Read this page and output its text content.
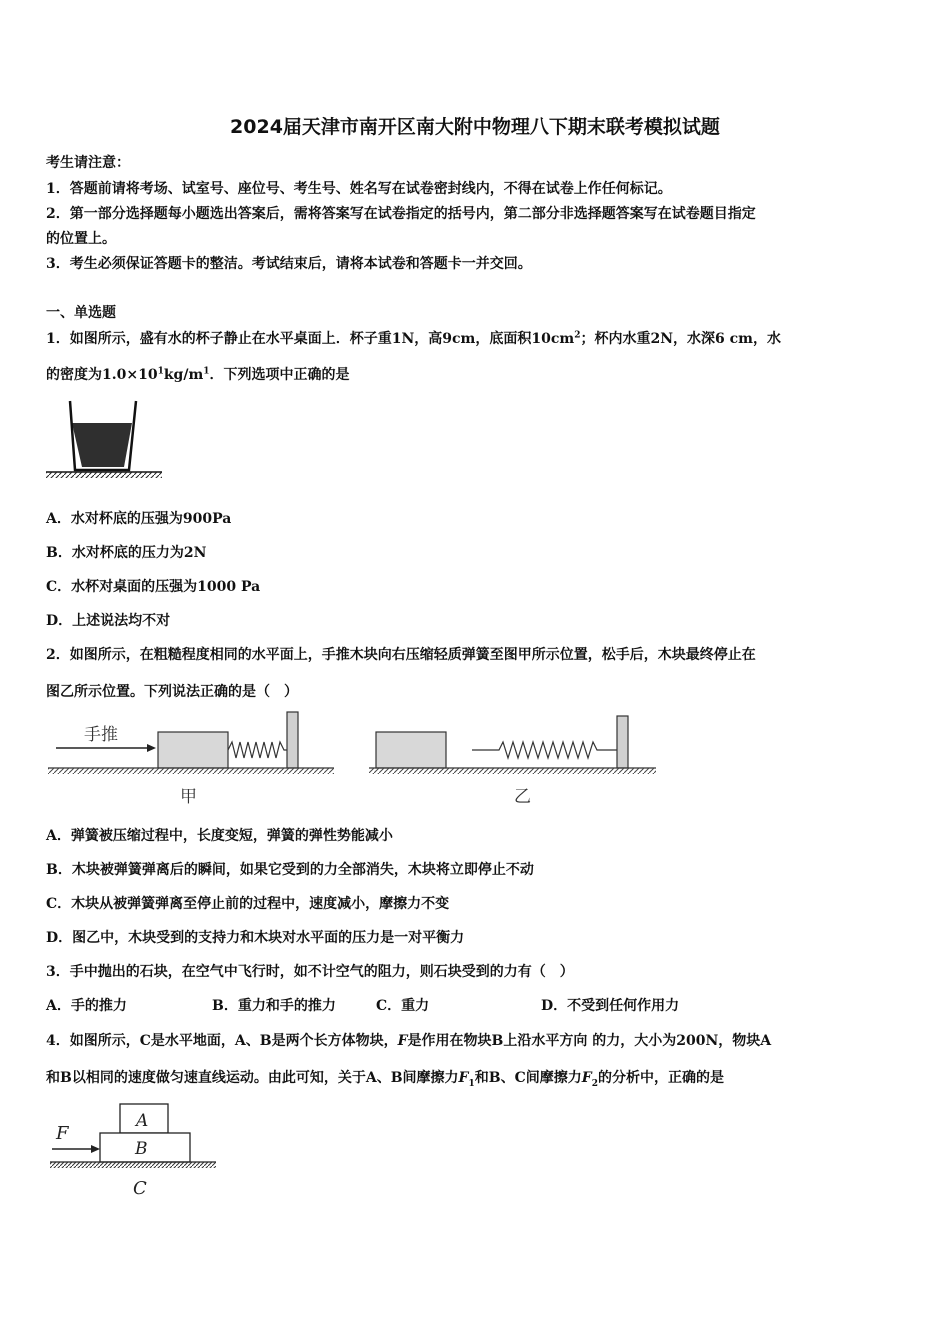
2024届天津市南开区南大附中物理八下期末联考模拟试题
考生请注意：
1．答题前请将考场、试室号、座位号、考生号、姓名写在试卷密封线内，不得在试卷上作任何标记。
2．第一部分选择题每小题选出答案后，需将答案写在试卷指定的括号内，第二部分非选择题答案写在试卷题目指定
的位置上。
3．考生必须保证答题卡的整洁。考试结束后，请将本试卷和答题卡一并交回。
一、单选题
1．如图所示，盛有水的杯子静止在水平桌面上．杯子重1N，高9cm，底面积$10cm^2$；杯内水重2N，水深6 cm，水
的密度为$1.0\times 10^1kg/m^1$．下列选项中正确的是
A．水对杯底的压强为900Pa
B．水对杯底的压力为2N
C．水杯对桌面的压强为1000 Pa
D．上述说法均不对
2．如图所示，在粗糙程度相同的水平面上，手推木块向右压缩轻质弹簧至图甲所示位置，松手后，木块最终停止在
图乙所示位置。下列说法正确的是（　）
手推
甲	乙
A．弹簧被压缩过程中，长度变短，弹簧的弹性势能减小
B．木块被弹簧弹离后的瞬间，如果它受到的力全部消失，木块将立即停止不动
C．木块从被弹簧弹离至停止前的过程中，速度减小，摩擦力不变
D．图乙中，木块受到的支持力和木块对水平面的压力是一对平衡力
3．手中抛出的石块，在空气中飞行时，如不计空气的阻力，则石块受到的力有（　）
A．手的推力	B．重力和手的推力	C．重力	D．不受到任何作用力
4．如图所示，C是水平地面，A、B是两个长方体物块，F是作用在物块B上沿水平方向 的力，大小为200N，物块A
和B以相同的速度做匀速直线运动。由此可知，关于A、B间摩擦力$F_1$和B、C间摩擦力$F_2$的分析中，正确的是
A
B
F
C
